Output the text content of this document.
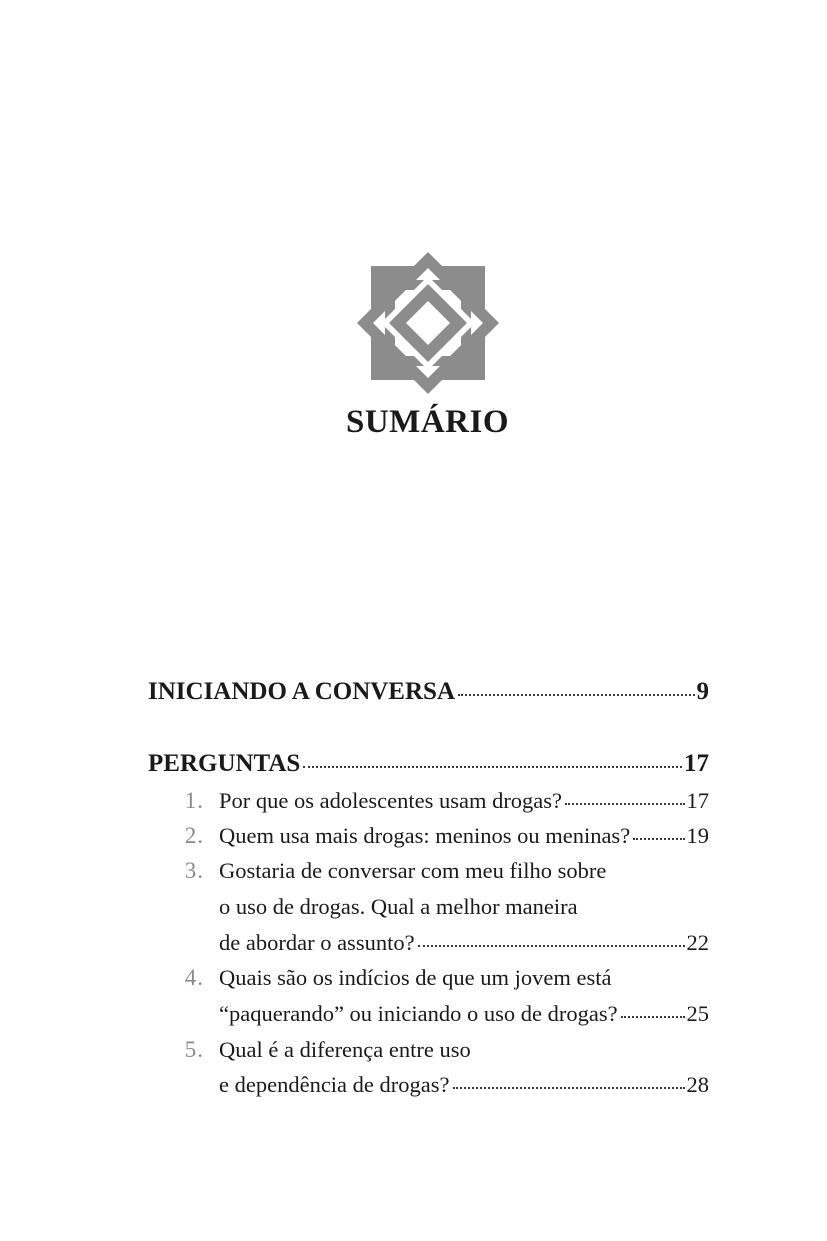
SUMÁRIO
INICIANDO A CONVERSA	9
PERGUNTAS	17
1. Por que os adolescentes usam drogas?	17
2. Quem usa mais drogas: meninos ou meninas?	19
3. Gostaria de conversar com meu filho sobre
o uso de drogas. Qual a melhor maneira
de abordar o assunto?	22
4. Quais são os indícios de que um jovem está
“paquerando” ou iniciando o uso de drogas?	25
5. Qual é a diferença entre uso
e dependência de drogas?	28
